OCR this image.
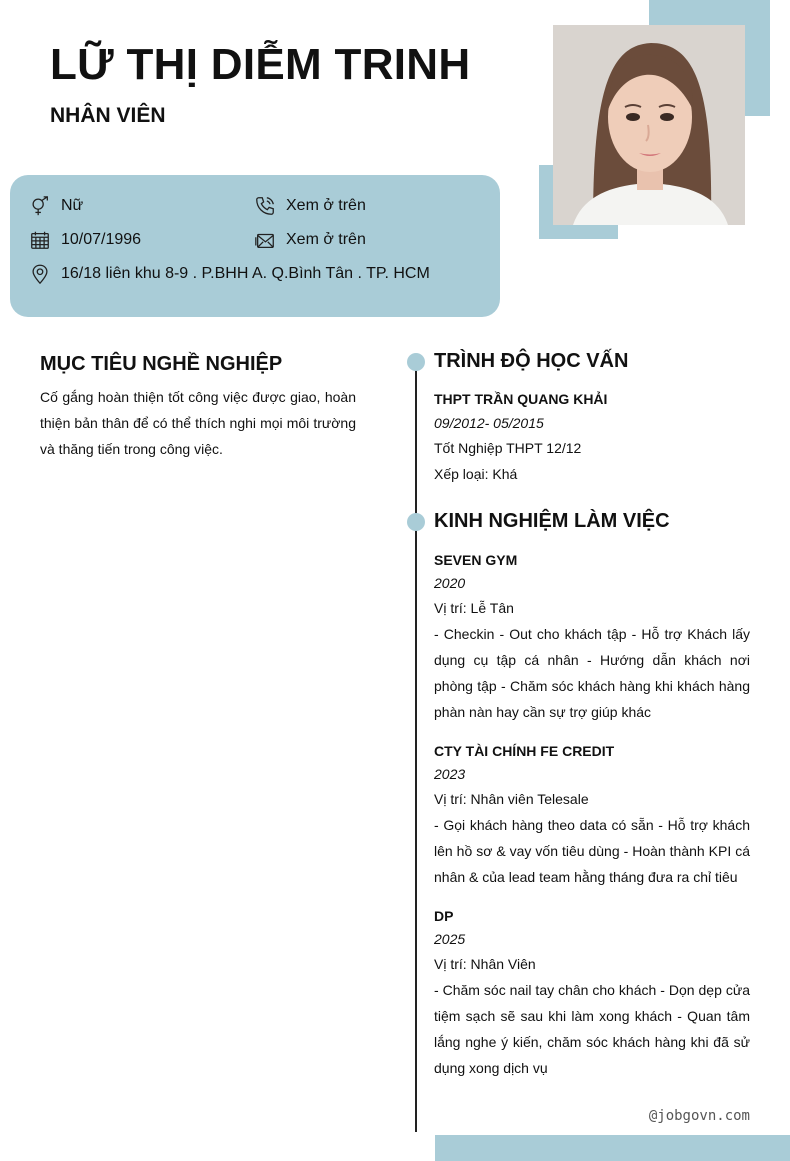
LỮ THỊ DIỄM TRINH
NHÂN VIÊN
Nữ	Xem ở trên
10/07/1996	Xem ở trên
16/18 liên khu 8-9 . P.BHH A. Q.Bình Tân . TP. HCM
MỤC TIÊU NGHỀ NGHIỆP
Cố gắng hoàn thiện tốt công việc được giao, hoàn thiện bản thân để có thể thích nghi mọi môi trường và thăng tiến trong công việc.
TRÌNH ĐỘ HỌC VẤN
THPT TRẦN QUANG KHẢI
09/2012- 05/2015
Tốt Nghiệp THPT 12/12
Xếp loại: Khá
KINH NGHIỆM LÀM VIỆC
SEVEN GYM
2020
Vị trí: Lễ Tân
- Checkin - Out cho khách tập - Hỗ trợ Khách lấy dụng cụ tập cá nhân - Hướng dẫn khách nơi phòng tập - Chăm sóc khách hàng khi khách hàng phàn nàn hay cần sự trợ giúp khác
CTY TÀI CHÍNH FE CREDIT
2023
Vị trí: Nhân viên Telesale
- Gọi khách hàng theo data có sẵn - Hỗ trợ khách lên hồ sơ & vay vốn tiêu dùng - Hoàn thành KPI cá nhân & của lead team hằng tháng đưa ra chỉ tiêu
DP
2025
Vị trí: Nhân Viên
- Chăm sóc nail tay chân cho khách - Dọn dẹp cửa tiệm sạch sẽ sau khi làm xong khách - Quan tâm lắng nghe ý kiến, chăm sóc khách hàng khi đã sử dụng xong dịch vụ
@jobgovn.com
